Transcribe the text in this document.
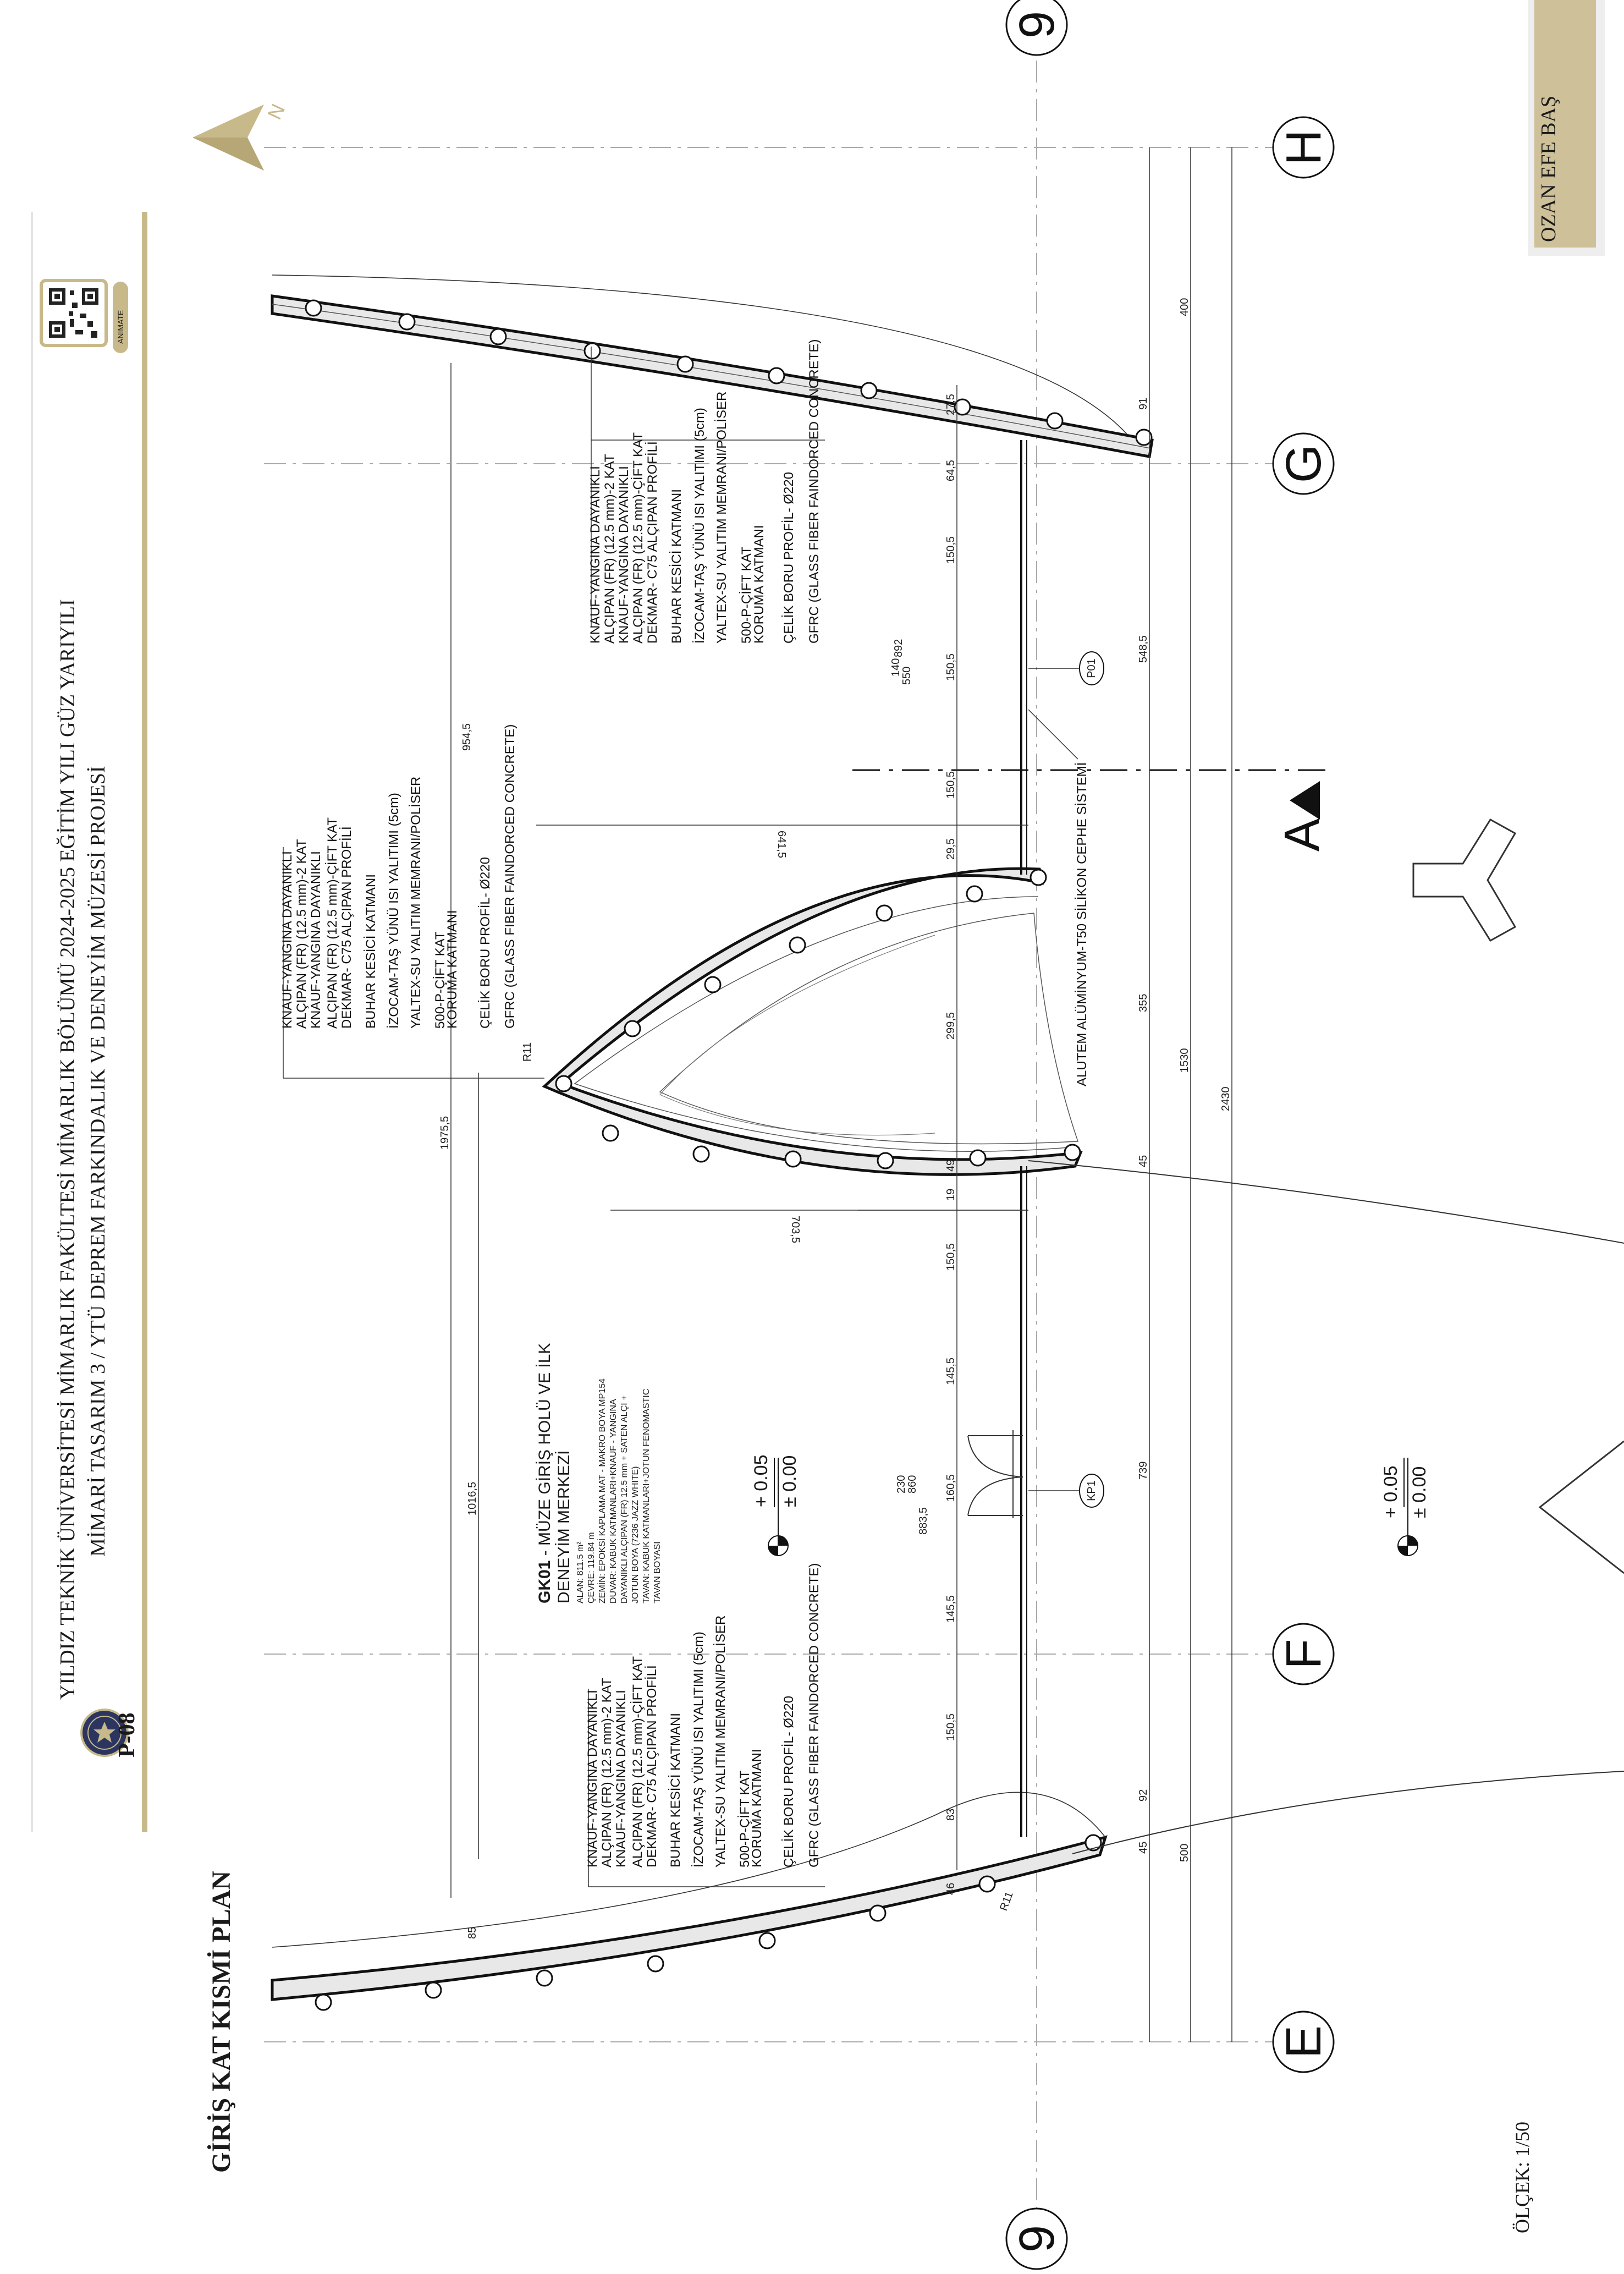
P-08
YILDIZ TEKNİK ÜNİVERSİTESİ MİMARLIK FAKÜLTESİ MİMARLIK BÖLÜMÜ 2024-2025 EĞİTİM YILI GÜZ YARIYILI MİMARİ TASARIM 3 / YTÜ DEPREM FARKINDALIK VE DENEYİM MÜZESİ PROJESİ
ANIMATE
GİRİŞ KAT KISMİ PLAN
ÖLÇEK: 1/50
N	OZAN EFE BAŞ
9
9
H
G
F
E
A
400
91
548,5
355
45
1530
2430
739
92
45	500
27,5
64,5
150,5
150,5
150,5
29,5
299,5
19
49
150,5
145,5
160,5
145,5
150,5
83
46
954,5
1975,5
1016,5
85
641,5
703,5
883,5
230
860
550
140
892
P01
KP1
R11
R11
ALUTEM ALÜMİNYUM-T50 SİLİKON CEPHE SİSTEMİ
KNAUF-YANGINA DAYANIKLI ALÇIPAN (FR) (12.5 mm)-2 KAT KNAUF-YANGINA DAYANIKLI ALÇIPAN (FR) (12.5 mm)-ÇİFT KAT DEKMAR- C75 ALÇIPAN PROFİLİ BUHAR KESİCİ KATMANI İZOCAM-TAŞ YÜNÜ ISI YALITIMI (5cm) YALTEX-SU YALITIM MEMRANI/POLİSER 500-P-ÇİFT KAT
KORUMA KATMANI ÇELİK BORU PROFİL- Ø220 GFRC (GLASS FIBER FAINDORCED CONCRETE)
KNAUF-YANGINA DAYANIKLI ALÇIPAN (FR) (12.5 mm)-2 KAT KNAUF-YANGINA DAYANIKLI ALÇIPAN (FR) (12.5 mm)-ÇİFT KAT DEKMAR- C75 ALÇIPAN PROFİLİ BUHAR KESİCİ KATMANI İZOCAM-TAŞ YÜNÜ ISI YALITIMI (5cm) YALTEX-SU YALITIM MEMRANI/POLİSER 500-P-ÇİFT KAT
KORUMA KATMANI ÇELİK BORU PROFİL- Ø220 GFRC (GLASS FIBER FAINDORCED CONCRETE)
KNAUF-YANGINA DAYANIKLI ALÇIPAN (FR) (12.5 mm)-2 KAT KNAUF-YANGINA DAYANIKLI ALÇIPAN (FR) (12.5 mm)-ÇİFT KAT DEKMAR- C75 ALÇIPAN PROFİLİ BUHAR KESİCİ KATMANI İZOCAM-TAŞ YÜNÜ ISI YALITIMI (5cm) YALTEX-SU YALITIM MEMRANI/POLİSER 500-P-ÇİFT KAT
KORUMA KATMANI ÇELİK BORU PROFİL- Ø220 GFRC (GLASS FIBER FAINDORCED CONCRETE)
GK01 - MÜZE GİRİŞ HOLÜ VE İLK DENEYİM MERKEZİ ALAN: 811.5 m² ÇEVRE: 119.84 m ZEMİN: EPOKSİ KAPLAMA MAT - MAKRO BOYA MP154 DUVAR: KABUK KATMANLARI+KNAUF - YANGINA DAYANIKLI ALÇIPAN (FR) 12.5 mm + SATEN ALÇI + JOTUN BOYA (7236 JAZZ WHITE) TAVAN: KABUK KATMANLARI+JOTUN FENOMASTIC TAVAN BOYASI
+ 0.05 ± 0.00	+ 0.05 ± 0.00
